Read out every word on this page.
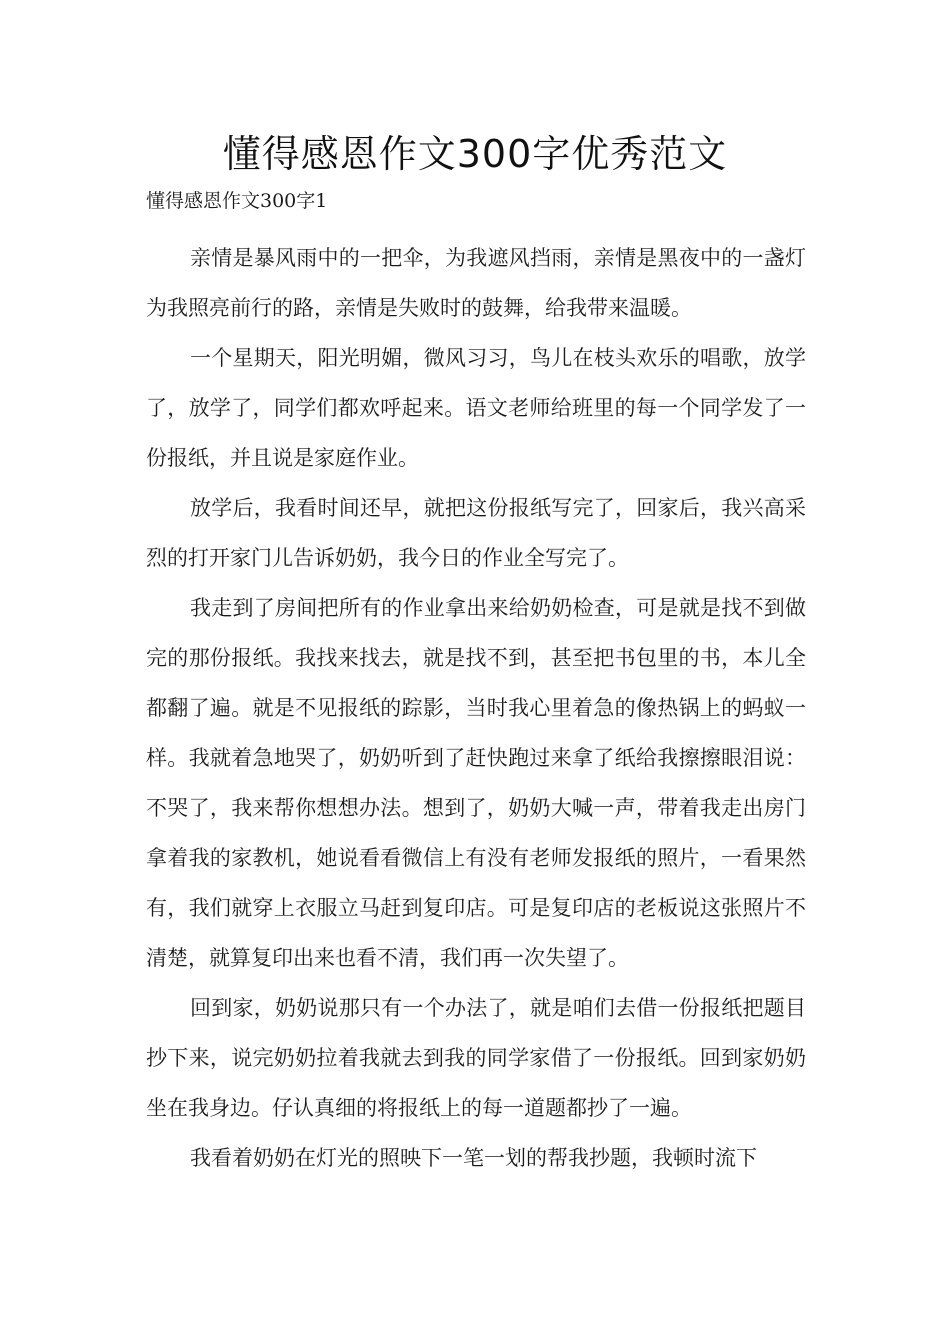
懂得感恩作文300字优秀范文

懂得感恩作文300字1

亲情是暴风雨中的一把伞，为我遮风挡雨，亲情是黑夜中的一盏灯为我照亮前行的路，亲情是失败时的鼓舞，给我带来温暖。

一个星期天，阳光明媚，微风习习，鸟儿在枝头欢乐的唱歌，放学了，放学了，同学们都欢呼起来。语文老师给班里的每一个同学发了一份报纸，并且说是家庭作业。

放学后，我看时间还早，就把这份报纸写完了，回家后，我兴高采烈的打开家门儿告诉奶奶，我今日的作业全写完了。

我走到了房间把所有的作业拿出来给奶奶检查，可是就是找不到做完的那份报纸。我找来找去，就是找不到，甚至把书包里的书，本儿全都翻了遍。就是不见报纸的踪影，当时我心里着急的像热锅上的蚂蚁一样。我就着急地哭了，奶奶听到了赶快跑过来拿了纸给我擦擦眼泪说：不哭了，我来帮你想想办法。想到了，奶奶大喊一声，带着我走出房门拿着我的家教机，她说看看微信上有没有老师发报纸的照片，一看果然有，我们就穿上衣服立马赶到复印店。可是复印店的老板说这张照片不清楚，就算复印出来也看不清，我们再一次失望了。

回到家，奶奶说那只有一个办法了，就是咱们去借一份报纸把题目抄下来，说完奶奶拉着我就去到我的同学家借了一份报纸。回到家奶奶坐在我身边。仔认真细的将报纸上的每一道题都抄了一遍。

我看着奶奶在灯光的照映下一笔一划的帮我抄题，我顿时流下
